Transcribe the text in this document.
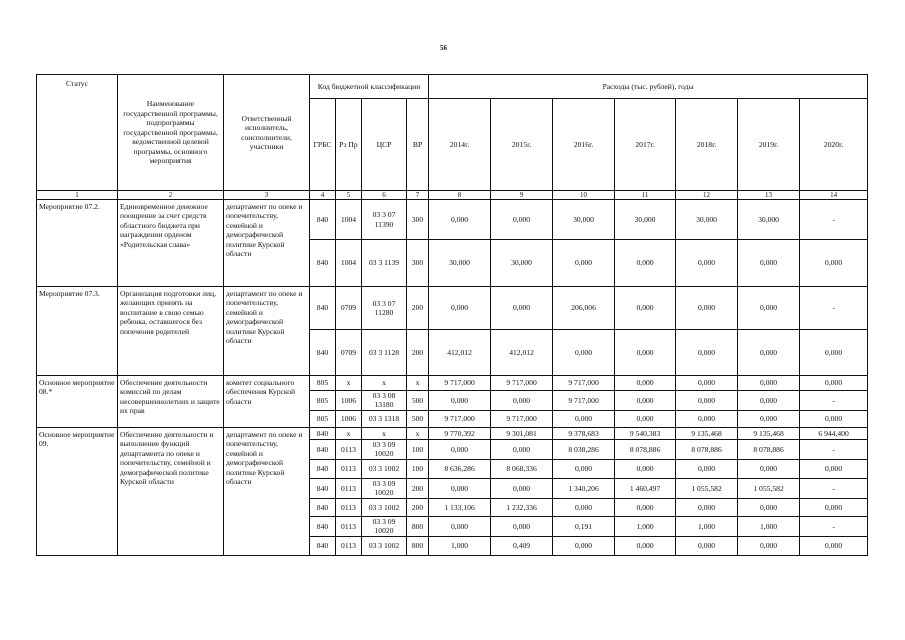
56
Статус	Наименование государственной программы, подпрограммы государственной программы, ведомственной целевой программы, основного мероприятия	Ответственный исполнитель, соисполнители, участники	Код бюджетной классификации				Расходы (тыс. рублей), годы						
			ГРБС	Рз Пр	ЦСР	ВР	2014г.	2015г.	2016г.	2017г.	2018г.	2019г.	2020г.
1	2	3	4	5	6	7	8	9	10	11	12	13	14
Мероприятие 07.2.	Единовременное денежное поощрение за счет средств областного бюджета при награждении орденом «Родительская слава»	департамент по опеке и попечительству, семейной и демографической политике Курской области	840	1004	03 3 07 11390	300	0,000	0,000	30,000	30,000	30,000	30,000	-
			840	1004	03 3 1139	300	30,000	30,000	0,000	0,000	0,000	0,000	0,000
Мероприятие 07.3.	Организация подготовки лиц, желающих принять на воспитание в свою семью ребенка, оставшегося без попечения родителей	департамент по опеке и попечительству, семейной и демографической политике Курской области	840	0709	03 3 07 11280	200	0,000	0,000	206,006	0,000	0,000	0,000	-
			840	0709	03 3 1128	200	412,012	412,012	0,000	0,000	0,000	0,000	0,000
Основное мероприятие 08.*	Обеспечение деятельности комиссий по делам несовершеннолетних и защите их прав	комитет социального обеспечения Курской области	805	x	x	x	9 717,000	9 717,000	9 717,000	0,000	0,000	0,000	0,000
			805	1006	03 3 08 13180	500	0,000	0,000	9 717,000	0,000	0,000	0,000	-
			805	1006	03 3 1318	500	9 717,000	9 717,000	0,000	0,000	0,000	0,000	0,000
Основное мероприятие 09.	Обеспечение деятельности и выполнение функций департамента по опеке и попечительству, семейной и демографической политике Курской области	департамент по опеке и попечительству, семейной и демографической политике Курской области	840	x	x	x	9 770,392	9 301,081	9 378,683	9 540,383	9 135,468	9 135,468	6 944,400
			840	0113	03 3 09 10020	100	0,000	0,000	8 038,286	8 078,886	8 078,886	8 078,886	-
			840	0113	03 3 1002	100	8 636,286	8 068,336	0,000	0,000	0,000	0,000	0,000
			840	0113	03 3 09 10020	200	0,000	0,000	1 340,206	1 460,497	1 055,582	1 055,582	-
			840	0113	03 3 1002	200	1 133,106	1 232,336	0,000	0,000	0,000	0,000	0,000
			840	0113	03 3 09 10020	800	0,000	0,000	0,191	1,000	1,000	1,000	-
			840	0113	03 3 1002	800	1,000	0,409	0,000	0,000	0,000	0,000	0,000
